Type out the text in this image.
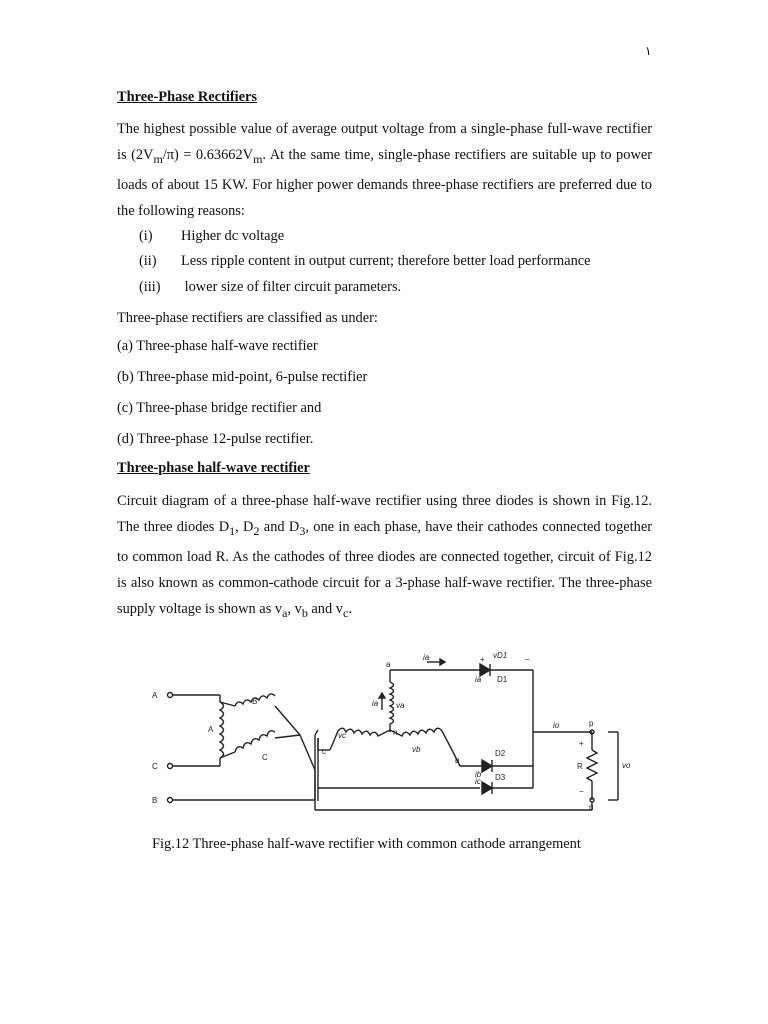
١
Three-Phase Rectifiers

The highest possible value of average output voltage from a single-phase full-wave rectifier is $(2V_m/\pi) = 0.63662V_m$. At the same time, single-phase rectifiers are suitable up to power loads of about 15 KW. For higher power demands three-phase rectifiers are preferred due to the following reasons:

(i)	Higher dc voltage
(ii)	Less ripple content in output current; therefore better load performance
(iii)	lower size of filter circuit parameters.

Three-phase rectifiers are classified as under:

(a) Three-phase half-wave rectifier
(b) Three-phase mid-point, 6-pulse rectifier
(c) Three-phase bridge rectifier and
(d) Three-phase 12-pulse rectifier.
Three-phase half-wave rectifier

Circuit diagram of a three-phase half-wave rectifier using three diodes is shown in Fig.12. The three diodes $D_1$, $D_2$ and $D_3$, one in each phase, have their cathodes connected together to common load R. As the cathodes of three diodes are connected together, circuit of Fig.12 is also known as common-cathode circuit for a 3-phase half-wave rectifier. The three-phase supply voltage is shown as $v_a$, $v_b$ and $v_c$.

A
C
B
A
B
C
a
n
b
c
ia va
vc
vb
ia
ia
ib
ic
io
D1
D2
D3
R
p
n
+
−
vo
vD1
+	−
Fig.12 Three-phase half-wave rectifier with common cathode arrangement
